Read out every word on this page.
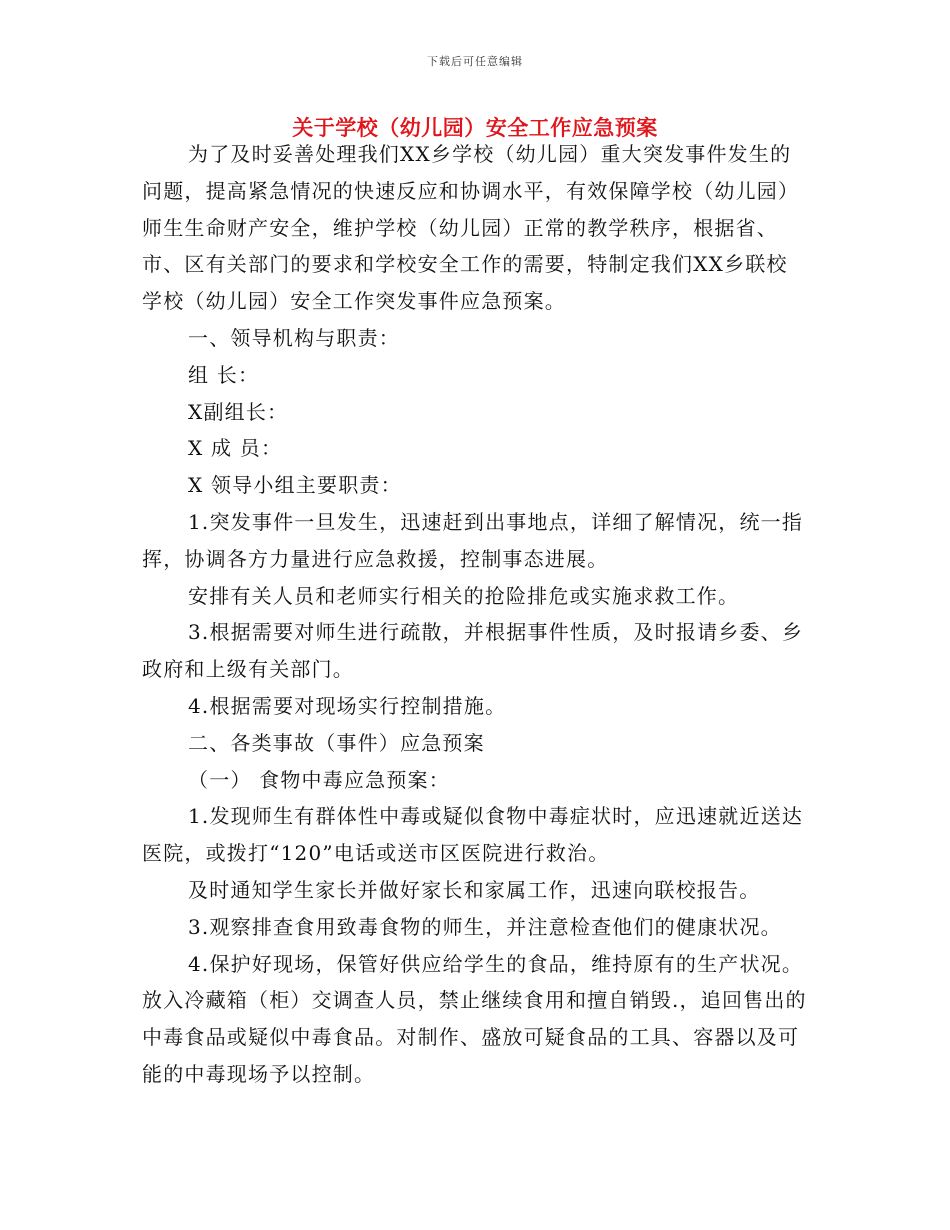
下载后可任意编辑
关于学校（幼儿园）安全工作应急预案

为了及时妥善处理我们XX乡学校（幼儿园）重大突发事件发生的问题，提高紧急情况的快速反应和协调水平，有效保障学校（幼儿园）师生生命财产安全，维护学校（幼儿园）正常的教学秩序，根据省、市、区有关部门的要求和学校安全工作的需要，特制定我们XX乡联校学校（幼儿园）安全工作突发事件应急预案。

一、领导机构与职责：

组 长：

X副组长：

X 成 员：

X 领导小组主要职责：

1.突发事件一旦发生，迅速赶到出事地点，详细了解情况，统一指挥，协调各方力量进行应急救援，控制事态进展。

安排有关人员和老师实行相关的抢险排危或实施求救工作。

3.根据需要对师生进行疏散，并根据事件性质，及时报请乡委、乡政府和上级有关部门。

4.根据需要对现场实行控制措施。

二、各类事故（事件）应急预案

（一） 食物中毒应急预案：

1.发现师生有群体性中毒或疑似食物中毒症状时，应迅速就近送达医院，或拨打“120”电话或送市区医院进行救治。

及时通知学生家长并做好家长和家属工作，迅速向联校报告。

3.观察排查食用致毒食物的师生，并注意检查他们的健康状况。

4.保护好现场，保管好供应给学生的食品，维持原有的生产状况。放入冷藏箱（柜）交调查人员，禁止继续食用和擅自销毁.，追回售出的中毒食品或疑似中毒食品。对制作、盛放可疑食品的工具、容器以及可能的中毒现场予以控制。
